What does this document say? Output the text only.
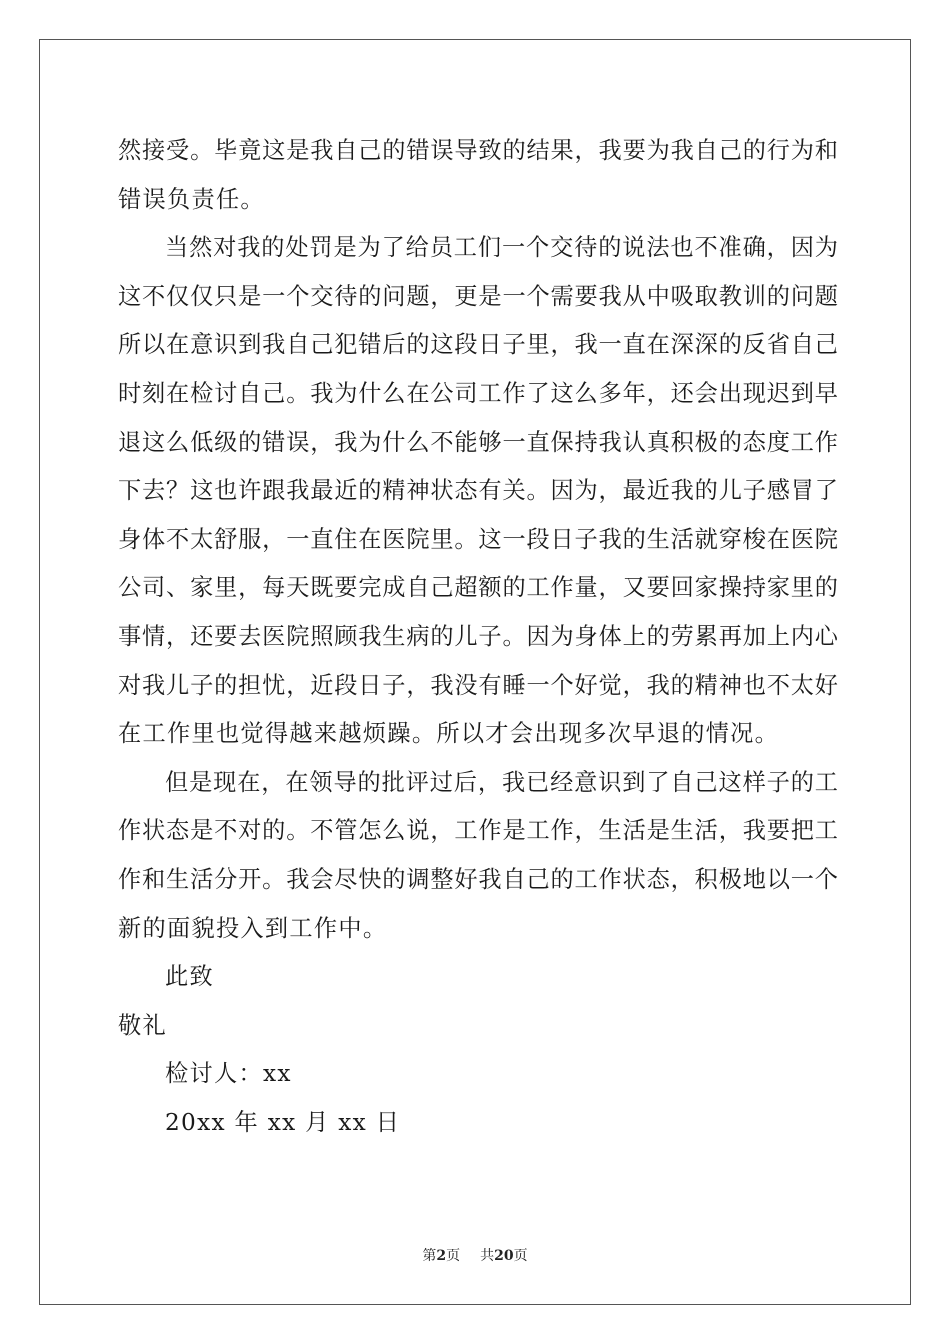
然接受。毕竟这是我自己的错误导致的结果，我要为我自己的行为和
错误负责任。
当然对我的处罚是为了给员工们一个交待的说法也不准确，因为
这不仅仅只是一个交待的问题，更是一个需要我从中吸取教训的问题
所以在意识到我自己犯错后的这段日子里，我一直在深深的反省自己
时刻在检讨自己。我为什么在公司工作了这么多年，还会出现迟到早
退这么低级的错误，我为什么不能够一直保持我认真积极的态度工作
下去？这也许跟我最近的精神状态有关。因为，最近我的儿子感冒了
身体不太舒服，一直住在医院里。这一段日子我的生活就穿梭在医院
公司、家里，每天既要完成自己超额的工作量，又要回家操持家里的
事情，还要去医院照顾我生病的儿子。因为身体上的劳累再加上内心
对我儿子的担忧，近段日子，我没有睡一个好觉，我的精神也不太好
在工作里也觉得越来越烦躁。所以才会出现多次早退的情况。
但是现在，在领导的批评过后，我已经意识到了自己这样子的工
作状态是不对的。不管怎么说，工作是工作，生活是生活，我要把工
作和生活分开。我会尽快的调整好我自己的工作状态，积极地以一个
新的面貌投入到工作中。
此致
敬礼
检讨人：xx
20xx 年 xx 月 xx 日
第2页 共20页
